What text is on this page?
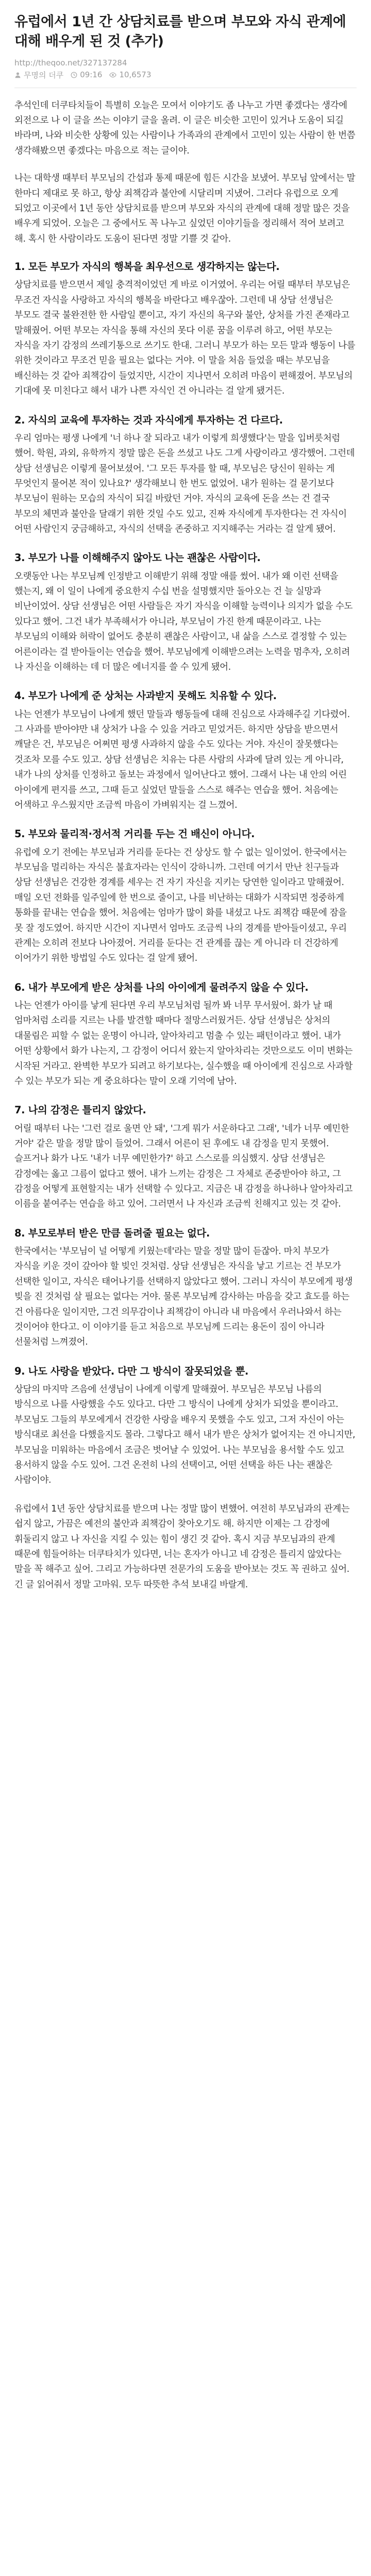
유럽에서 1년 간 상담치료를 받으며 부모와 자식 관계에 대해 배우게 된 것 (추가)
http://theqoo.net/327137284
무명의 더쿠 09:16 10,6573

추석인데 더쿠타치들이 특별히 오늘은 모여서 이야기도 좀 나누고 가면 좋겠다는 생각에 외전으로 나 이 글을 쓰는 이야기 글을 올려. 이 글은 비슷한 고민이 있거나 도움이 되길 바라며, 나와 비슷한 상황에 있는 사람이나 가족과의 관계에서 고민이 있는 사람이 한 번쯤 생각해봤으면 좋겠다는 마음으로 적는 글이야.

나는 대학생 때부터 부모님의 간섭과 통제 때문에 힘든 시간을 보냈어. 부모님 앞에서는 말 한마디 제대로 못 하고, 항상 죄책감과 불안에 시달리며 지냈어. 그러다 유럽으로 오게 되었고 이곳에서 1년 동안 상담치료를 받으며 부모와 자식의 관계에 대해 정말 많은 것을 배우게 되었어. 오늘은 그 중에서도 꼭 나누고 싶었던 이야기들을 정리해서 적어 보려고 해. 혹시 한 사람이라도 도움이 된다면 정말 기쁠 것 같아.

1. 모든 부모가 자식의 행복을 최우선으로 생각하지는 않는다.

상담치료를 받으면서 제일 충격적이었던 게 바로 이거였어. 우리는 어릴 때부터 부모님은 무조건 자식을 사랑하고 자식의 행복을 바란다고 배우잖아. 그런데 내 상담 선생님은 부모도 결국 불완전한 한 사람일 뿐이고, 자기 자신의 욕구와 불안, 상처를 가진 존재라고 말해줬어. 어떤 부모는 자식을 통해 자신의 못다 이룬 꿈을 이루려 하고, 어떤 부모는 자식을 자기 감정의 쓰레기통으로 쓰기도 한대. 그러니 부모가 하는 모든 말과 행동이 나를 위한 것이라고 무조건 믿을 필요는 없다는 거야. 이 말을 처음 들었을 때는 부모님을 배신하는 것 같아 죄책감이 들었지만, 시간이 지나면서 오히려 마음이 편해졌어. 부모님의 기대에 못 미친다고 해서 내가 나쁜 자식인 건 아니라는 걸 알게 됐거든.

2. 자식의 교육에 투자하는 것과 자식에게 투자하는 건 다르다.

우리 엄마는 평생 나에게 '너 하나 잘 되라고 내가 이렇게 희생했다'는 말을 입버릇처럼 했어. 학원, 과외, 유학까지 정말 많은 돈을 쓰셨고 나도 그게 사랑이라고 생각했어. 그런데 상담 선생님은 이렇게 물어보셨어. '그 모든 투자를 할 때, 부모님은 당신이 원하는 게 무엇인지 물어본 적이 있나요?' 생각해보니 한 번도 없었어. 내가 원하는 걸 묻기보다 부모님이 원하는 모습의 자식이 되길 바랐던 거야. 자식의 교육에 돈을 쓰는 건 결국 부모의 체면과 불안을 달래기 위한 것일 수도 있고, 진짜 자식에게 투자한다는 건 자식이 어떤 사람인지 궁금해하고, 자식의 선택을 존중하고 지지해주는 거라는 걸 알게 됐어.

3. 부모가 나를 이해해주지 않아도 나는 괜찮은 사람이다.

오랫동안 나는 부모님께 인정받고 이해받기 위해 정말 애를 썼어. 내가 왜 이런 선택을 했는지, 왜 이 일이 나에게 중요한지 수십 번을 설명했지만 돌아오는 건 늘 실망과 비난이었어. 상담 선생님은 어떤 사람들은 자기 자식을 이해할 능력이나 의지가 없을 수도 있다고 했어. 그건 내가 부족해서가 아니라, 부모님이 가진 한계 때문이라고. 나는 부모님의 이해와 허락이 없어도 충분히 괜찮은 사람이고, 내 삶을 스스로 결정할 수 있는 어른이라는 걸 받아들이는 연습을 했어. 부모님에게 이해받으려는 노력을 멈추자, 오히려 나 자신을 이해하는 데 더 많은 에너지를 쓸 수 있게 됐어.

4. 부모가 나에게 준 상처는 사과받지 못해도 치유할 수 있다.

나는 언젠가 부모님이 나에게 했던 말들과 행동들에 대해 진심으로 사과해주길 기다렸어. 그 사과를 받아야만 내 상처가 나을 수 있을 거라고 믿었거든. 하지만 상담을 받으면서 깨달은 건, 부모님은 어쩌면 평생 사과하지 않을 수도 있다는 거야. 자신이 잘못했다는 것조차 모를 수도 있고. 상담 선생님은 치유는 다른 사람의 사과에 달려 있는 게 아니라, 내가 나의 상처를 인정하고 돌보는 과정에서 일어난다고 했어. 그래서 나는 내 안의 어린 아이에게 편지를 쓰고, 그때 듣고 싶었던 말들을 스스로 해주는 연습을 했어. 처음에는 어색하고 우스웠지만 조금씩 마음이 가벼워지는 걸 느꼈어.

5. 부모와 물리적·정서적 거리를 두는 건 배신이 아니다.

유럽에 오기 전에는 부모님과 거리를 둔다는 건 상상도 할 수 없는 일이었어. 한국에서는 부모님을 멀리하는 자식은 불효자라는 인식이 강하니까. 그런데 여기서 만난 친구들과 상담 선생님은 건강한 경계를 세우는 건 자기 자신을 지키는 당연한 일이라고 말해줬어. 매일 오던 전화를 일주일에 한 번으로 줄이고, 나를 비난하는 대화가 시작되면 정중하게 통화를 끝내는 연습을 했어. 처음에는 엄마가 많이 화를 내셨고 나도 죄책감 때문에 잠을 못 잘 정도였어. 하지만 시간이 지나면서 엄마도 조금씩 나의 경계를 받아들이셨고, 우리 관계는 오히려 전보다 나아졌어. 거리를 둔다는 건 관계를 끊는 게 아니라 더 건강하게 이어가기 위한 방법일 수도 있다는 걸 알게 됐어.

6. 내가 부모에게 받은 상처를 나의 아이에게 물려주지 않을 수 있다.

나는 언젠가 아이를 낳게 된다면 우리 부모님처럼 될까 봐 너무 무서웠어. 화가 날 때 엄마처럼 소리를 지르는 나를 발견할 때마다 절망스러웠거든. 상담 선생님은 상처의 대물림은 피할 수 없는 운명이 아니라, 알아차리고 멈출 수 있는 패턴이라고 했어. 내가 어떤 상황에서 화가 나는지, 그 감정이 어디서 왔는지 알아차리는 것만으로도 이미 변화는 시작된 거라고. 완벽한 부모가 되려고 하기보다는, 실수했을 때 아이에게 진심으로 사과할 수 있는 부모가 되는 게 중요하다는 말이 오래 기억에 남아.

7. 나의 감정은 틀리지 않았다.

어릴 때부터 나는 '그런 걸로 울면 안 돼', '그게 뭐가 서운하다고 그래', '네가 너무 예민한 거야' 같은 말을 정말 많이 들었어. 그래서 어른이 된 후에도 내 감정을 믿지 못했어. 슬프거나 화가 나도 '내가 너무 예민한가?' 하고 스스로를 의심했지. 상담 선생님은 감정에는 옳고 그름이 없다고 했어. 내가 느끼는 감정은 그 자체로 존중받아야 하고, 그 감정을 어떻게 표현할지는 내가 선택할 수 있다고. 지금은 내 감정을 하나하나 알아차리고 이름을 붙여주는 연습을 하고 있어. 그러면서 나 자신과 조금씩 친해지고 있는 것 같아.

8. 부모로부터 받은 만큼 돌려줄 필요는 없다.

한국에서는 '부모님이 널 어떻게 키웠는데'라는 말을 정말 많이 듣잖아. 마치 부모가 자식을 키운 것이 갚아야 할 빚인 것처럼. 상담 선생님은 자식을 낳고 기르는 건 부모가 선택한 일이고, 자식은 태어나기를 선택하지 않았다고 했어. 그러니 자식이 부모에게 평생 빚을 진 것처럼 살 필요는 없다는 거야. 물론 부모님께 감사하는 마음을 갖고 효도를 하는 건 아름다운 일이지만, 그건 의무감이나 죄책감이 아니라 내 마음에서 우러나와서 하는 것이어야 한다고. 이 이야기를 듣고 처음으로 부모님께 드리는 용돈이 짐이 아니라 선물처럼 느껴졌어.

9. 나도 사랑을 받았다. 다만 그 방식이 잘못되었을 뿐.

상담의 마지막 즈음에 선생님이 나에게 이렇게 말해줬어. 부모님은 부모님 나름의 방식으로 나를 사랑했을 수도 있다고. 다만 그 방식이 나에게 상처가 되었을 뿐이라고. 부모님도 그들의 부모에게서 건강한 사랑을 배우지 못했을 수도 있고, 그저 자신이 아는 방식대로 최선을 다했을지도 몰라. 그렇다고 해서 내가 받은 상처가 없어지는 건 아니지만, 부모님을 미워하는 마음에서 조금은 벗어날 수 있었어. 나는 부모님을 용서할 수도 있고 용서하지 않을 수도 있어. 그건 온전히 나의 선택이고, 어떤 선택을 하든 나는 괜찮은 사람이야.

유럽에서 1년 동안 상담치료를 받으며 나는 정말 많이 변했어. 여전히 부모님과의 관계는 쉽지 않고, 가끔은 예전의 불안과 죄책감이 찾아오기도 해. 하지만 이제는 그 감정에 휘둘리지 않고 나 자신을 지킬 수 있는 힘이 생긴 것 같아. 혹시 지금 부모님과의 관계 때문에 힘들어하는 더쿠타치가 있다면, 너는 혼자가 아니고 네 감정은 틀리지 않았다는 말을 꼭 해주고 싶어. 그리고 가능하다면 전문가의 도움을 받아보는 것도 꼭 권하고 싶어. 긴 글 읽어줘서 정말 고마워. 모두 따뜻한 추석 보내길 바랄게.
